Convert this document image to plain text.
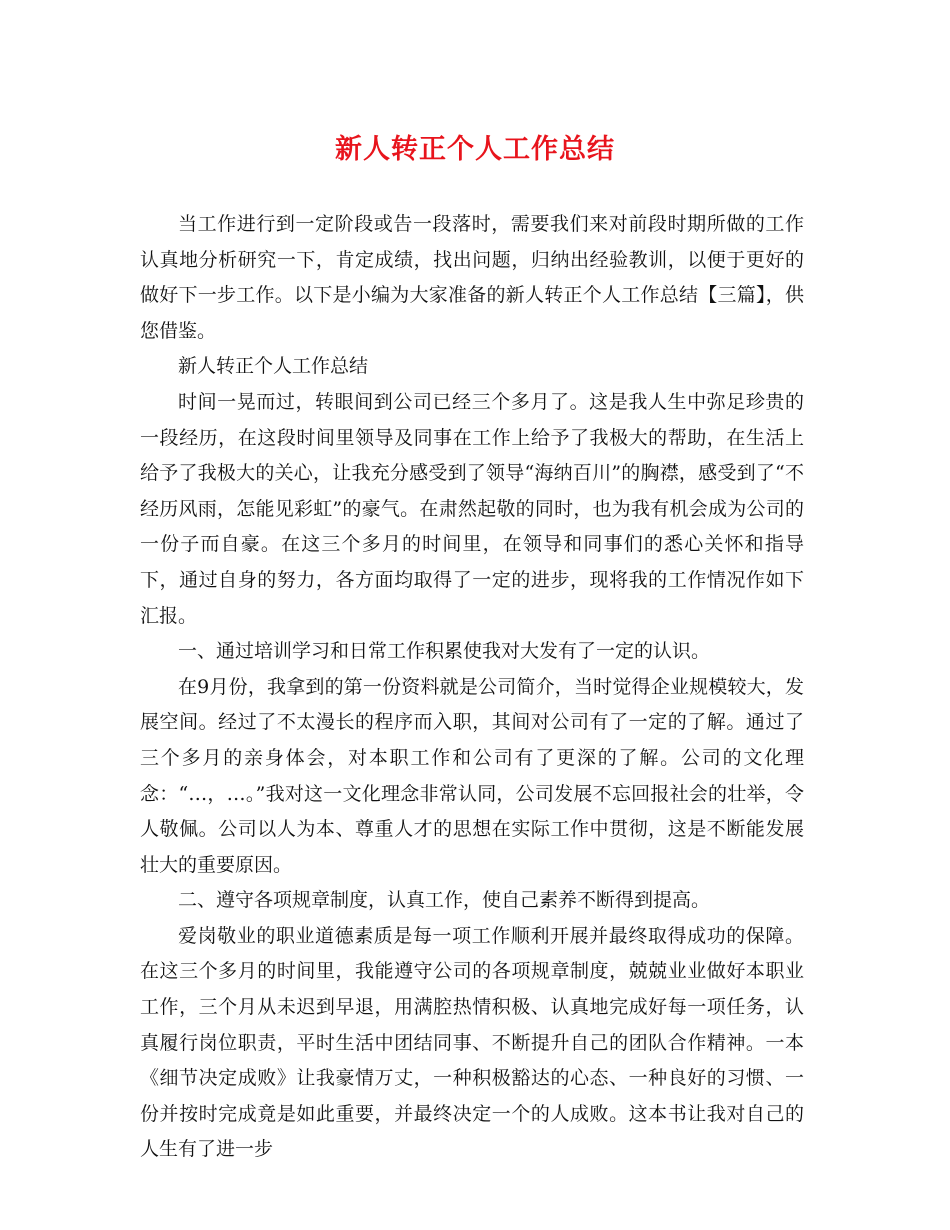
新人转正个人工作总结

当工作进行到一定阶段或告一段落时，需要我们来对前段时期所做的工作认真地分析研究一下，肯定成绩，找出问题，归纳出经验教训，以便于更好的做好下一步工作。以下是小编为大家准备的新人转正个人工作总结【三篇】，供您借鉴。

新人转正个人工作总结

时间一晃而过，转眼间到公司已经三个多月了。这是我人生中弥足珍贵的一段经历，在这段时间里领导及同事在工作上给予了我极大的帮助，在生活上给予了我极大的关心，让我充分感受到了领导“海纳百川”的胸襟，感受到了“不经历风雨，怎能见彩虹”的豪气。在肃然起敬的同时，也为我有机会成为公司的一份子而自豪。在这三个多月的时间里，在领导和同事们的悉心关怀和指导下，通过自身的努力，各方面均取得了一定的进步，现将我的工作情况作如下汇报。

一、通过培训学习和日常工作积累使我对大发有了一定的认识。

在9月份，我拿到的第一份资料就是公司简介，当时觉得企业规模较大，发展空间。经过了不太漫长的程序而入职，其间对公司有了一定的了解。通过了三个多月的亲身体会，对本职工作和公司有了更深的了解。公司的文化理念：“…，…。”我对这一文化理念非常认同，公司发展不忘回报社会的壮举，令人敬佩。公司以人为本、尊重人才的思想在实际工作中贯彻，这是不断能发展壮大的重要原因。

二、遵守各项规章制度，认真工作，使自己素养不断得到提高。

爱岗敬业的职业道德素质是每一项工作顺利开展并最终取得成功的保障。在这三个多月的时间里，我能遵守公司的各项规章制度，兢兢业业做好本职业工作，三个月从未迟到早退，用满腔热情积极、认真地完成好每一项任务，认真履行岗位职责，平时生活中团结同事、不断提升自己的团队合作精神。一本《细节决定成败》让我豪情万丈，一种积极豁达的心态、一种良好的习惯、一份并按时完成竟是如此重要，并最终决定一个的人成败。这本书让我对自己的人生有了进一步
